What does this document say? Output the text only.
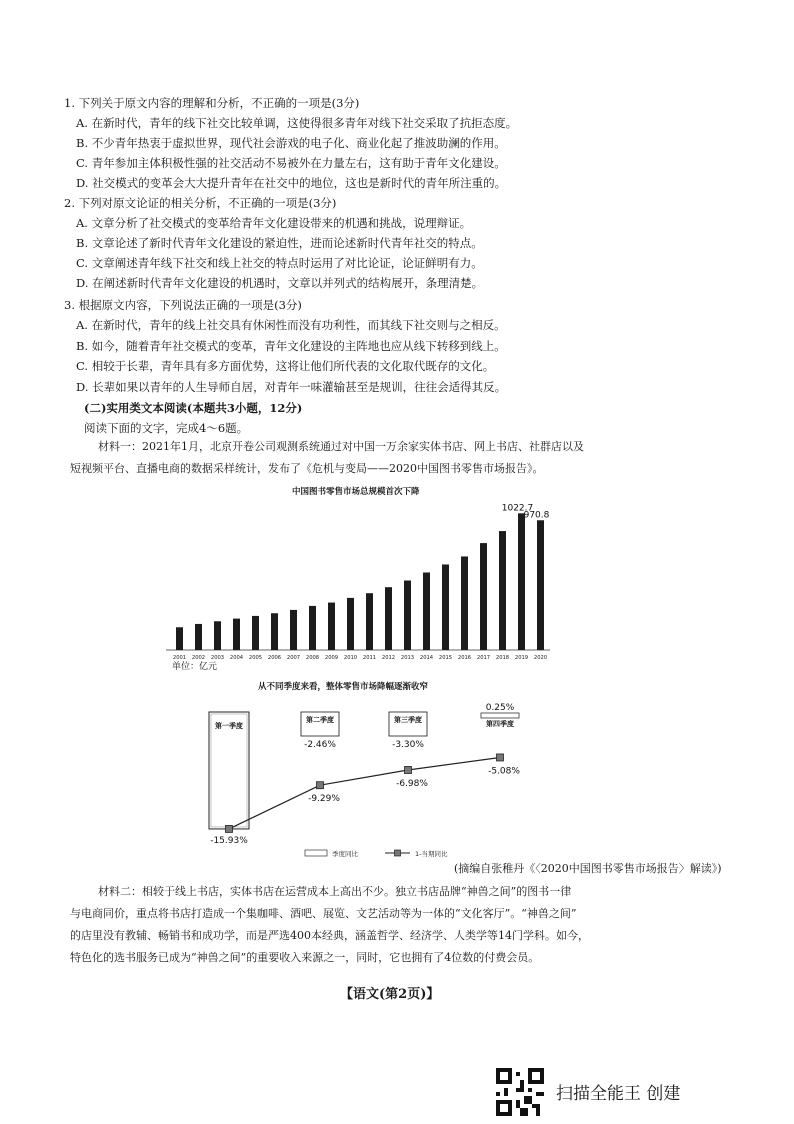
1. 下列关于原文内容的理解和分析，不正确的一项是(3分)
A. 在新时代，青年的线下社交比较单调，这使得很多青年对线下社交采取了抗拒态度。
B. 不少青年热衷于虚拟世界，现代社会游戏的电子化、商业化起了推波助澜的作用。
C. 青年参加主体积极性强的社交活动不易被外在力量左右，这有助于青年文化建设。
D. 社交模式的变革会大大提升青年在社交中的地位，这也是新时代的青年所注重的。
2. 下列对原文论证的相关分析，不正确的一项是(3分)
A. 文章分析了社交模式的变革给青年文化建设带来的机遇和挑战，说理辩证。
B. 文章论述了新时代青年文化建设的紧迫性，进而论述新时代青年社交的特点。
C. 文章阐述青年线下社交和线上社交的特点时运用了对比论证，论证鲜明有力。
D. 在阐述新时代青年文化建设的机遇时，文章以并列式的结构展开，条理清楚。
3. 根据原文内容，下列说法正确的一项是(3分)
A. 在新时代，青年的线上社交具有休闲性而没有功利性，而其线下社交则与之相反。
B. 如今，随着青年社交模式的变革，青年文化建设的主阵地也应从线下转移到线上。
C. 相较于长辈，青年具有多方面优势，这将让他们所代表的文化取代既存的文化。
D. 长辈如果以青年的人生导师自居，对青年一味灌输甚至是规训，往往会适得其反。
(二)实用类文本阅读(本题共3小题，12分)
阅读下面的文字，完成4～6题。
材料一：2021年1月，北京开卷公司观测系统通过对中国一万余家实体书店、网上书店、社群店以及
短视频平台、直播电商的数据采样统计，发布了《危机与变局——2020中国图书零售市场报告》。
中国图书零售市场总规模首次下降
2001 2002 2003 2004 2005 2006 2007 2008 2009 2010 2011 2012 2013 2014 2015 2016 2017 2018 2019
1022.7
2020
970.8
单位：亿元
从不同季度来看，整体零售市场降幅逐渐收窄
第一季度
第二季度
-2.46%
第三季度
-3.30%
0.25%
第四季度
-15.93%
-9.29%
-6.98%
-5.08%
季度同比	1-当期同比
(摘编自张稚丹《〈2020中国图书零售市场报告〉解读》)
材料二：相较于线上书店，实体书店在运营成本上高出不少。独立书店品牌“神兽之间”的图书一律
与电商同价，重点将书店打造成一个集咖啡、酒吧、展览、文艺活动等为一体的“文化客厅”。“神兽之间”
的店里没有教辅、畅销书和成功学，而是严选400本经典，涵盖哲学、经济学、人类学等14门学科。如今，
特色化的选书服务已成为“神兽之间”的重要收入来源之一，同时，它也拥有了4位数的付费会员。
【语文(第2页)】
扫描全能王 创建
